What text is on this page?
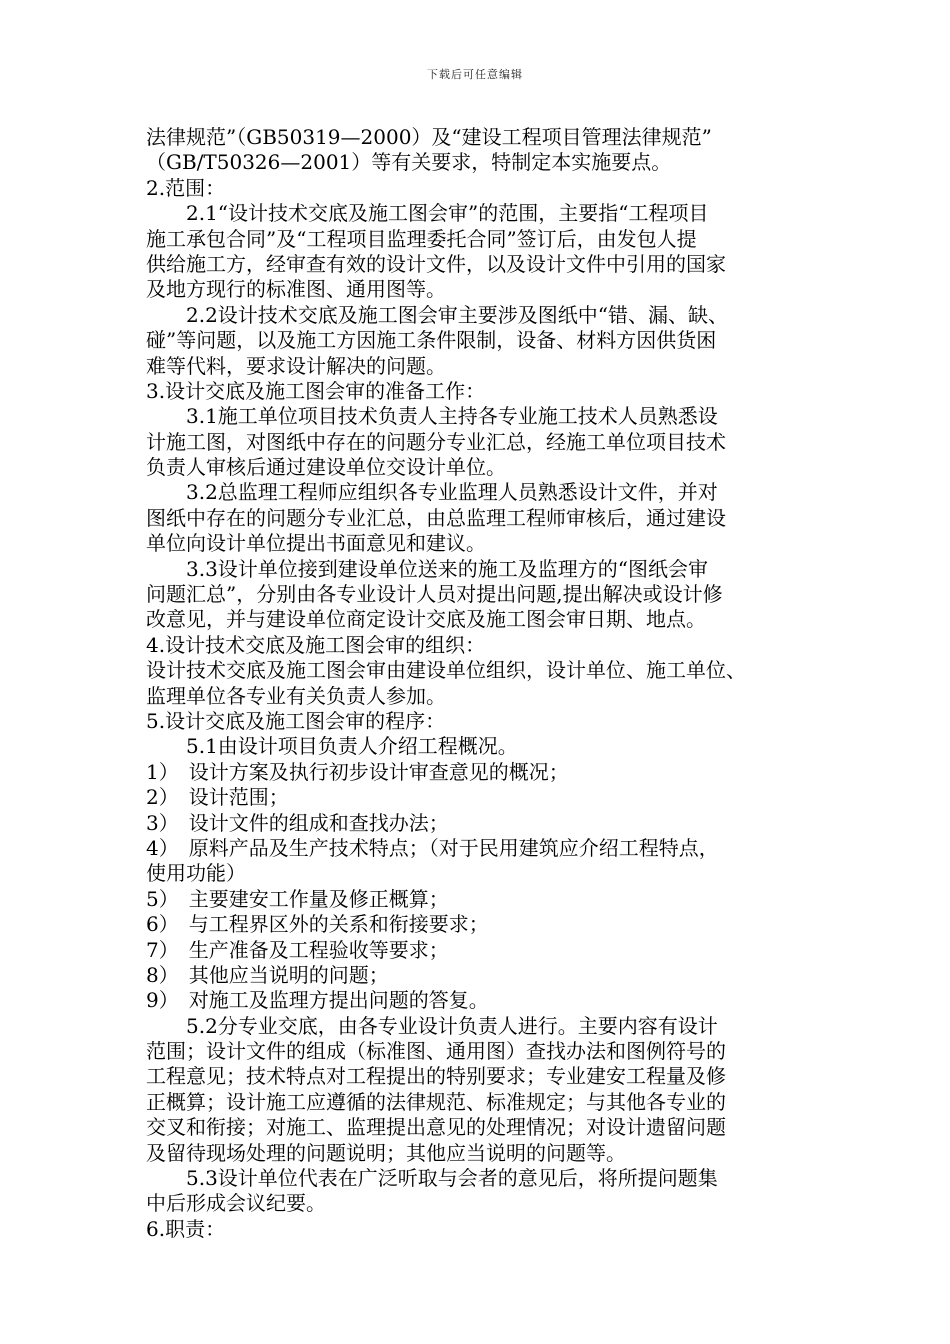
下载后可任意编辑
法律规范”（GB50319—2000）及“建设工程项目管理法律规范”
（GB/T50326—2001）等有关要求，特制定本实施要点。
2.范围：
2.1“设计技术交底及施工图会审”的范围，主要指“工程项目
施工承包合同”及“工程项目监理委托合同”签订后，由发包人提
供给施工方，经审查有效的设计文件，以及设计文件中引用的国家
及地方现行的标准图、通用图等。
2.2设计技术交底及施工图会审主要涉及图纸中“错、漏、缺、
碰”等问题，以及施工方因施工条件限制，设备、材料方因供货困
难等代料，要求设计解决的问题。
3.设计交底及施工图会审的准备工作：
3.1施工单位项目技术负责人主持各专业施工技术人员熟悉设
计施工图，对图纸中存在的问题分专业汇总，经施工单位项目技术
负责人审核后通过建设单位交设计单位。
3.2总监理工程师应组织各专业监理人员熟悉设计文件，并对
图纸中存在的问题分专业汇总，由总监理工程师审核后，通过建设
单位向设计单位提出书面意见和建议。
3.3设计单位接到建设单位送来的施工及监理方的“图纸会审
问题汇总”，分别由各专业设计人员对提出问题,提出解决或设计修
改意见，并与建设单位商定设计交底及施工图会审日期、地点。
4.设计技术交底及施工图会审的组织：
设计技术交底及施工图会审由建设单位组织，设计单位、施工单位、
监理单位各专业有关负责人参加。
5.设计交底及施工图会审的程序：
5.1由设计项目负责人介绍工程概况。
1）　设计方案及执行初步设计审查意见的概况；
2）　设计范围；
3）　设计文件的组成和查找办法；
4）　原料产品及生产技术特点；（对于民用建筑应介绍工程特点，
使用功能）
5）　主要建安工作量及修正概算；
6）　与工程界区外的关系和衔接要求；
7）　生产准备及工程验收等要求；
8）　其他应当说明的问题；
9）　对施工及监理方提出问题的答复。
5.2分专业交底，由各专业设计负责人进行。主要内容有设计
范围；设计文件的组成（标准图、通用图）查找办法和图例符号的
工程意见；技术特点对工程提出的特别要求；专业建安工程量及修
正概算；设计施工应遵循的法律规范、标准规定；与其他各专业的
交叉和衔接；对施工、监理提出意见的处理情况；对设计遗留问题
及留待现场处理的问题说明；其他应当说明的问题等。
5.3设计单位代表在广泛听取与会者的意见后，将所提问题集
中后形成会议纪要。
6.职责：
